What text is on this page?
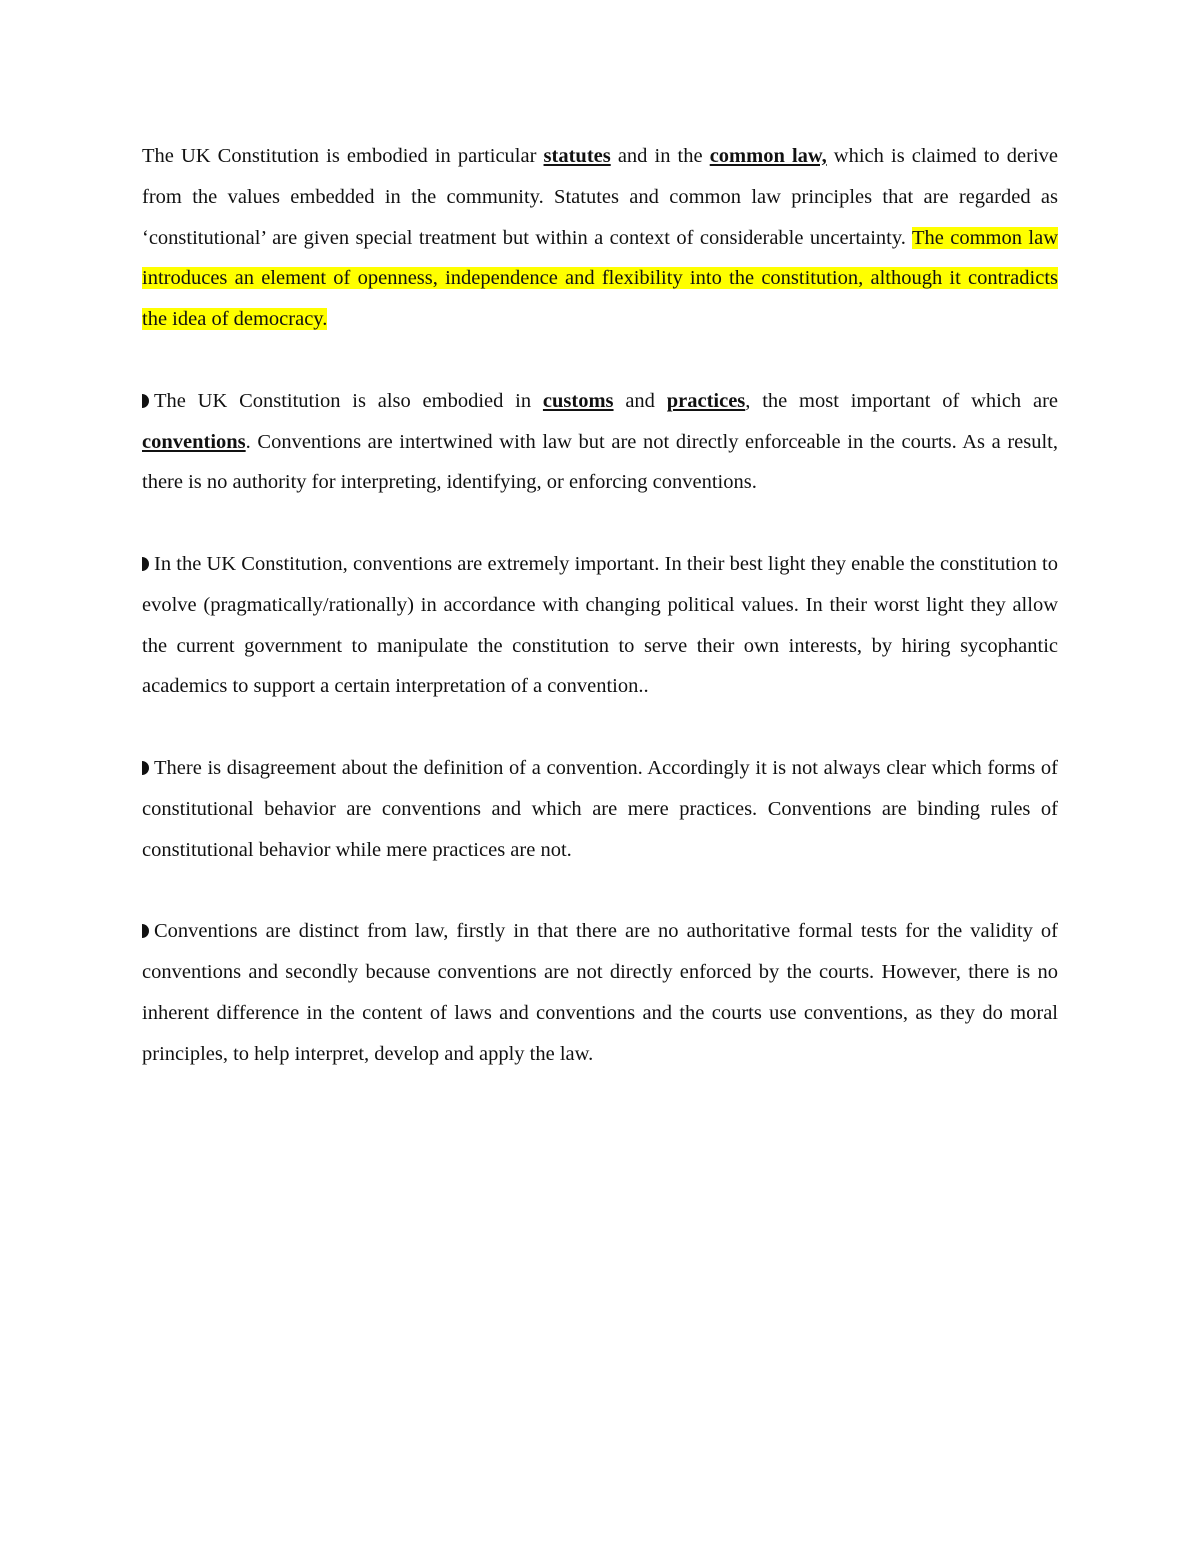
The UK Constitution is embodied in particular statutes and in the common law, which is claimed to derive from the values embedded in the community. Statutes and common law principles that are regarded as ‘constitutional’ are given special treatment but within a context of considerable uncertainty. The common law introduces an element of openness, independence and flexibility into the constitution, although it contradicts the idea of democracy.

The UK Constitution is also embodied in customs and practices, the most important of which are conventions. Conventions are intertwined with law but are not directly enforceable in the courts. As a result, there is no authority for interpreting, identifying, or enforcing conventions.

In the UK Constitution, conventions are extremely important. In their best light they enable the constitution to evolve (pragmatically/rationally) in accordance with changing political values. In their worst light they allow the current government to manipulate the constitution to serve their own interests, by hiring sycophantic academics to support a certain interpretation of a convention..

There is disagreement about the definition of a convention. Accordingly it is not always clear which forms of constitutional behavior are conventions and which are mere practices. Conventions are binding rules of constitutional behavior while mere practices are not.

Conventions are distinct from law, firstly in that there are no authoritative formal tests for the validity of conventions and secondly because conventions are not directly enforced by the courts. However, there is no inherent difference in the content of laws and conventions and the courts use conventions, as they do moral principles, to help interpret, develop and apply the law.
